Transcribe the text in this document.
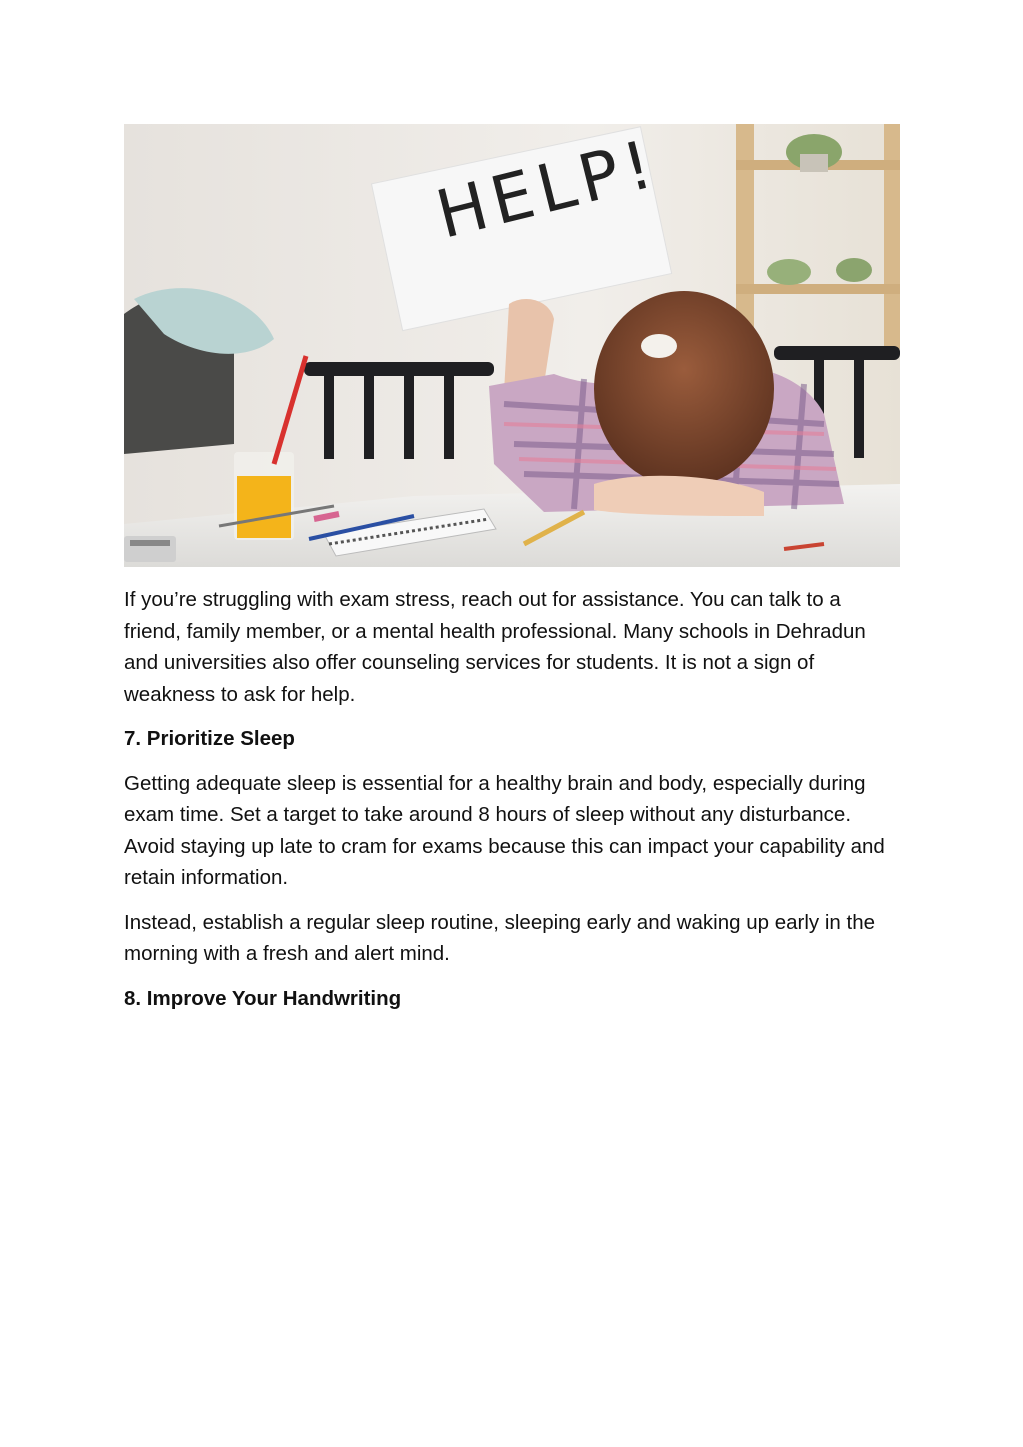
HELP!

If you’re struggling with exam stress, reach out for assistance. You can talk to a friend, family member, or a mental health professional. Many schools in Dehradun and universities also offer counseling services for students. It is not a sign of weakness to ask for help.

7. Prioritize Sleep

Getting adequate sleep is essential for a healthy brain and body, especially during exam time. Set a target to take around 8 hours of sleep without any disturbance. Avoid staying up late to cram for exams because this can impact your capability and retain information.

Instead, establish a regular sleep routine, sleeping early and waking up early in the morning with a fresh and alert mind.

8. Improve Your Handwriting
